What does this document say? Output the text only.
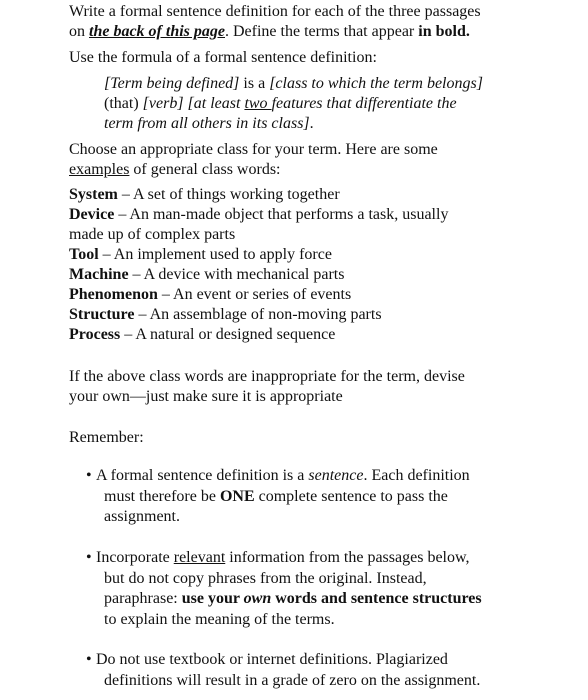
Write a formal sentence definition for each of the three passages
on the back of this page. Define the terms that appear in bold.
Use the formula of a formal sentence definition:
[Term being defined] is a [class to which the term belongs]
(that) [verb] [at least two features that differentiate the
term from all others in its class].
Choose an appropriate class for your term. Here are some
examples of general class words:
System – A set of things working together
Device – An man-made object that performs a task, usually
made up of complex parts
Tool – An implement used to apply force
Machine – A device with mechanical parts
Phenomenon – An event or series of events
Structure – An assemblage of non-moving parts
Process – A natural or designed sequence
If the above class words are inappropriate for the term, devise
your own—just make sure it is appropriate
Remember:
• A formal sentence definition is a sentence. Each definition
must therefore be ONE complete sentence to pass the
assignment.
• Incorporate relevant information from the passages below,
but do not copy phrases from the original. Instead,
paraphrase: use your own words and sentence structures
to explain the meaning of the terms.
• Do not use textbook or internet definitions. Plagiarized
definitions will result in a grade of zero on the assignment.
